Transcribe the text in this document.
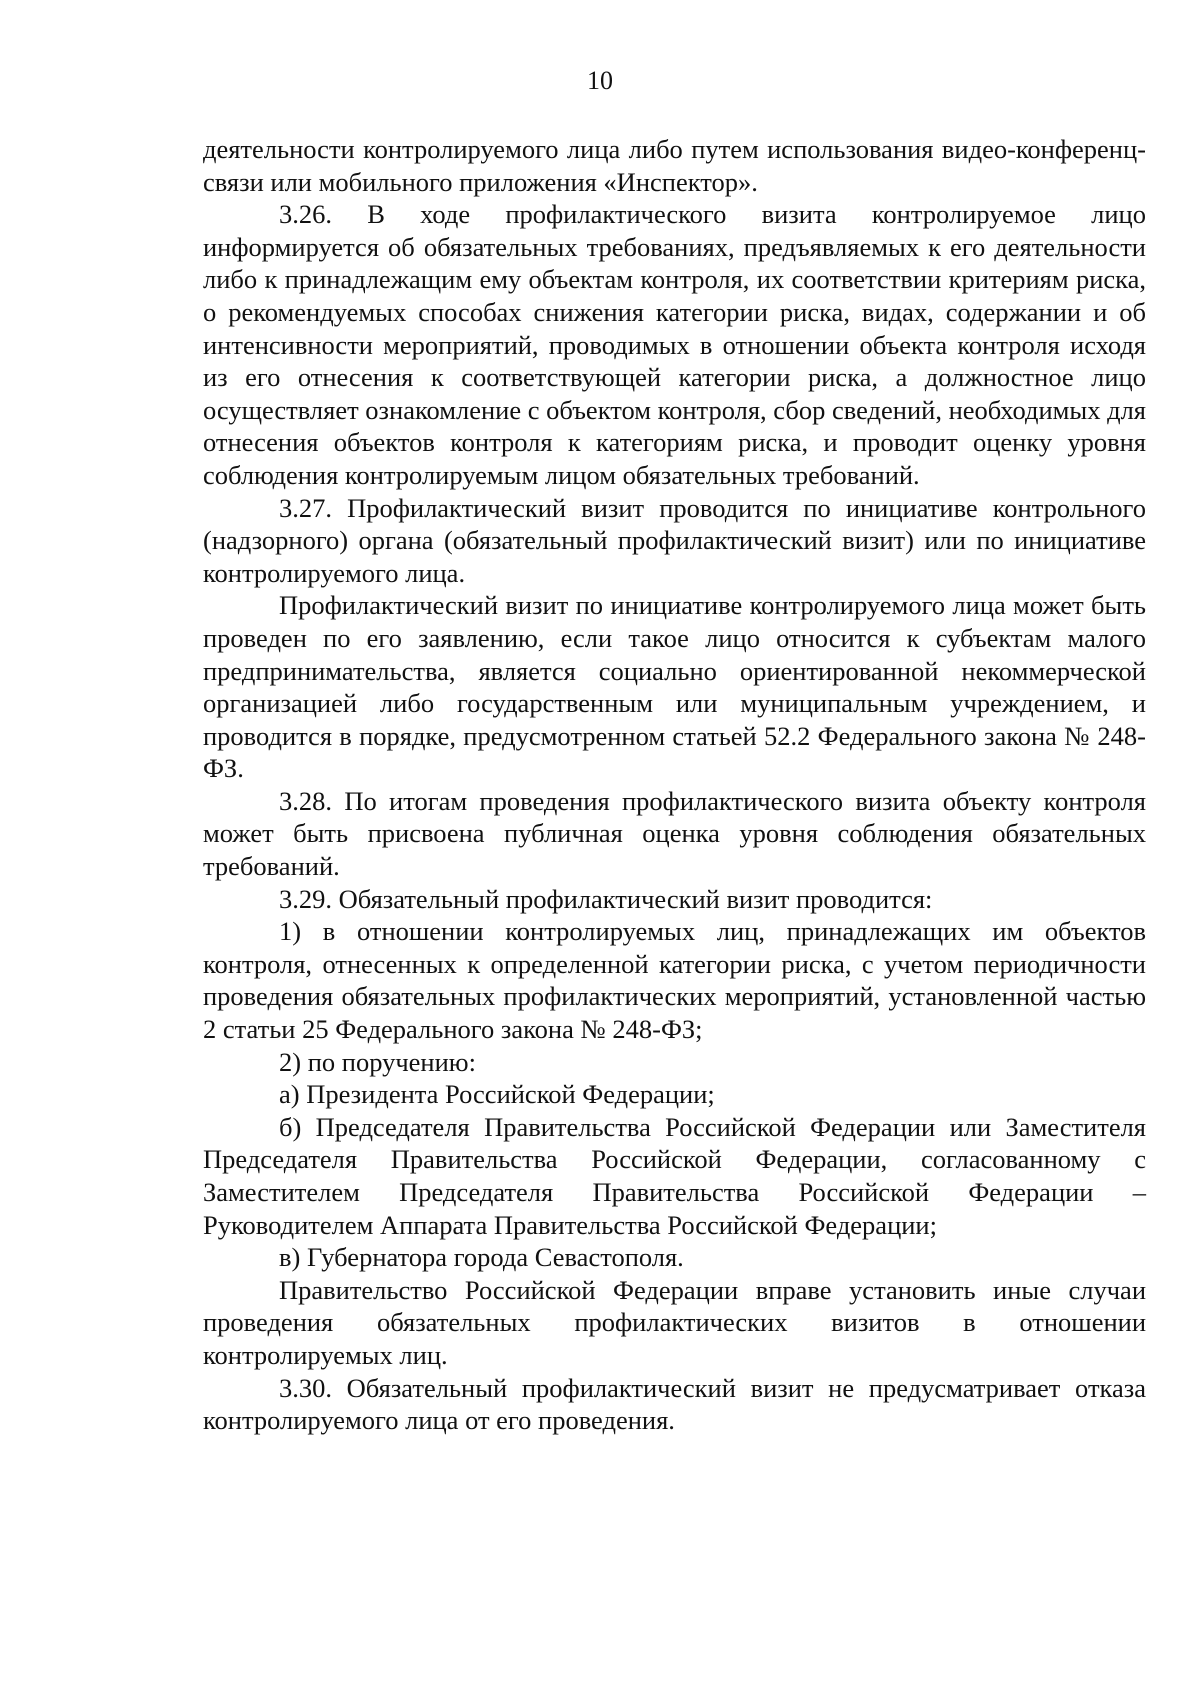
10

деятельности контролируемого лица либо путем использования видео-конференц-связи или мобильного приложения «Инспектор».

3.26. В ходе профилактического визита контролируемое лицо информируется об обязательных требованиях, предъявляемых к его деятельности либо к принадлежащим ему объектам контроля, их соответствии критериям риска, о рекомендуемых способах снижения категории риска, видах, содержании и об интенсивности мероприятий, проводимых в отношении объекта контроля исходя из его отнесения к соответствующей категории риска, а должностное лицо осуществляет ознакомление с объектом контроля, сбор сведений, необходимых для отнесения объектов контроля к категориям риска, и проводит оценку уровня соблюдения контролируемым лицом обязательных требований.

3.27. Профилактический визит проводится по инициативе контрольного (надзорного) органа (обязательный профилактический визит) или по инициативе контролируемого лица.

Профилактический визит по инициативе контролируемого лица может быть проведен по его заявлению, если такое лицо относится к субъектам малого предпринимательства, является социально ориентированной некоммерческой организацией либо государственным или муниципальным учреждением, и проводится в порядке, предусмотренном статьей 52.2 Федерального закона № 248-ФЗ.

3.28. По итогам проведения профилактического визита объекту контроля может быть присвоена публичная оценка уровня соблюдения обязательных требований.

3.29. Обязательный профилактический визит проводится:

1) в отношении контролируемых лиц, принадлежащих им объектов контроля, отнесенных к определенной категории риска, с учетом периодичности проведения обязательных профилактических мероприятий, установленной частью 2 статьи 25 Федерального закона № 248-ФЗ;

2) по поручению:

а) Президента Российской Федерации;

б) Председателя Правительства Российской Федерации или Заместителя Председателя Правительства Российской Федерации, согласованному с Заместителем Председателя Правительства Российской Федерации – Руководителем Аппарата Правительства Российской Федерации;

в) Губернатора города Севастополя.

Правительство Российской Федерации вправе установить иные случаи проведения обязательных профилактических визитов в отношении контролируемых лиц.

3.30. Обязательный профилактический визит не предусматривает отказа контролируемого лица от его проведения.
